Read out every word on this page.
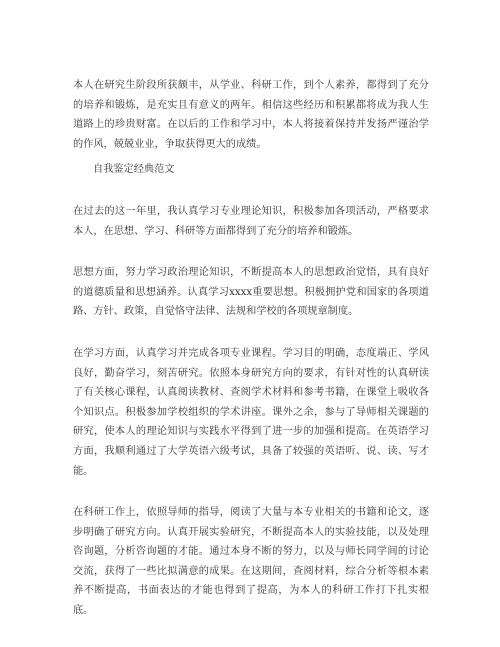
本人在研究生阶段所获颇丰，从学业、科研工作，到个人素养，都得到了充分的培养和锻炼，是充实且有意义的两年。相信这些经历和积累都将成为我人生道路上的珍贵财富。在以后的工作和学习中，本人将接着保持并发扬严谨治学的作风，兢兢业业，争取获得更大的成绩。

自我鉴定经典范文

在过去的这一年里，我认真学习专业理论知识，积极参加各项活动，严格要求本人，在思想、学习、科研等方面都得到了充分的培养和锻炼。

思想方面，努力学习政治理论知识，不断提高本人的思想政治觉悟，具有良好的道德质量和思想涵养。认真学习xxxx重要思想。积极拥护党和国家的各项道路、方针、政策，自觉恪守法律、法规和学校的各项规章制度。

在学习方面，认真学习并完成各项专业课程。学习目的明确，态度端正、学风良好，勤奋学习，刻苦研究。依照本身研究方向的要求，有针对性的认真研读了有关核心课程，认真阅读教材、查阅学术材料和参考书籍，在课堂上吸收各个知识点。积极参加学校组织的学术讲座。课外之余，参与了导师相关课题的研究，使本人的理论知识与实践水平得到了进一步的加强和提高。在英语学习方面，我顺利通过了大学英语六级考试，具备了较强的英语听、说、读、写才能。

在科研工作上，依照导师的指导，阅读了大量与本专业相关的书籍和论文，逐步明确了研究方向。认真开展实验研究，不断提高本人的实验技能，以及处理咨询题，分析咨询题的才能。通过本身不断的努力，以及与师长同学间的讨论交流，获得了一些比拟满意的成果。在这期间，查阅材料，综合分析等根本素养不断提高，书面表达的才能也得到了提高，为本人的科研工作打下扎实根底。
